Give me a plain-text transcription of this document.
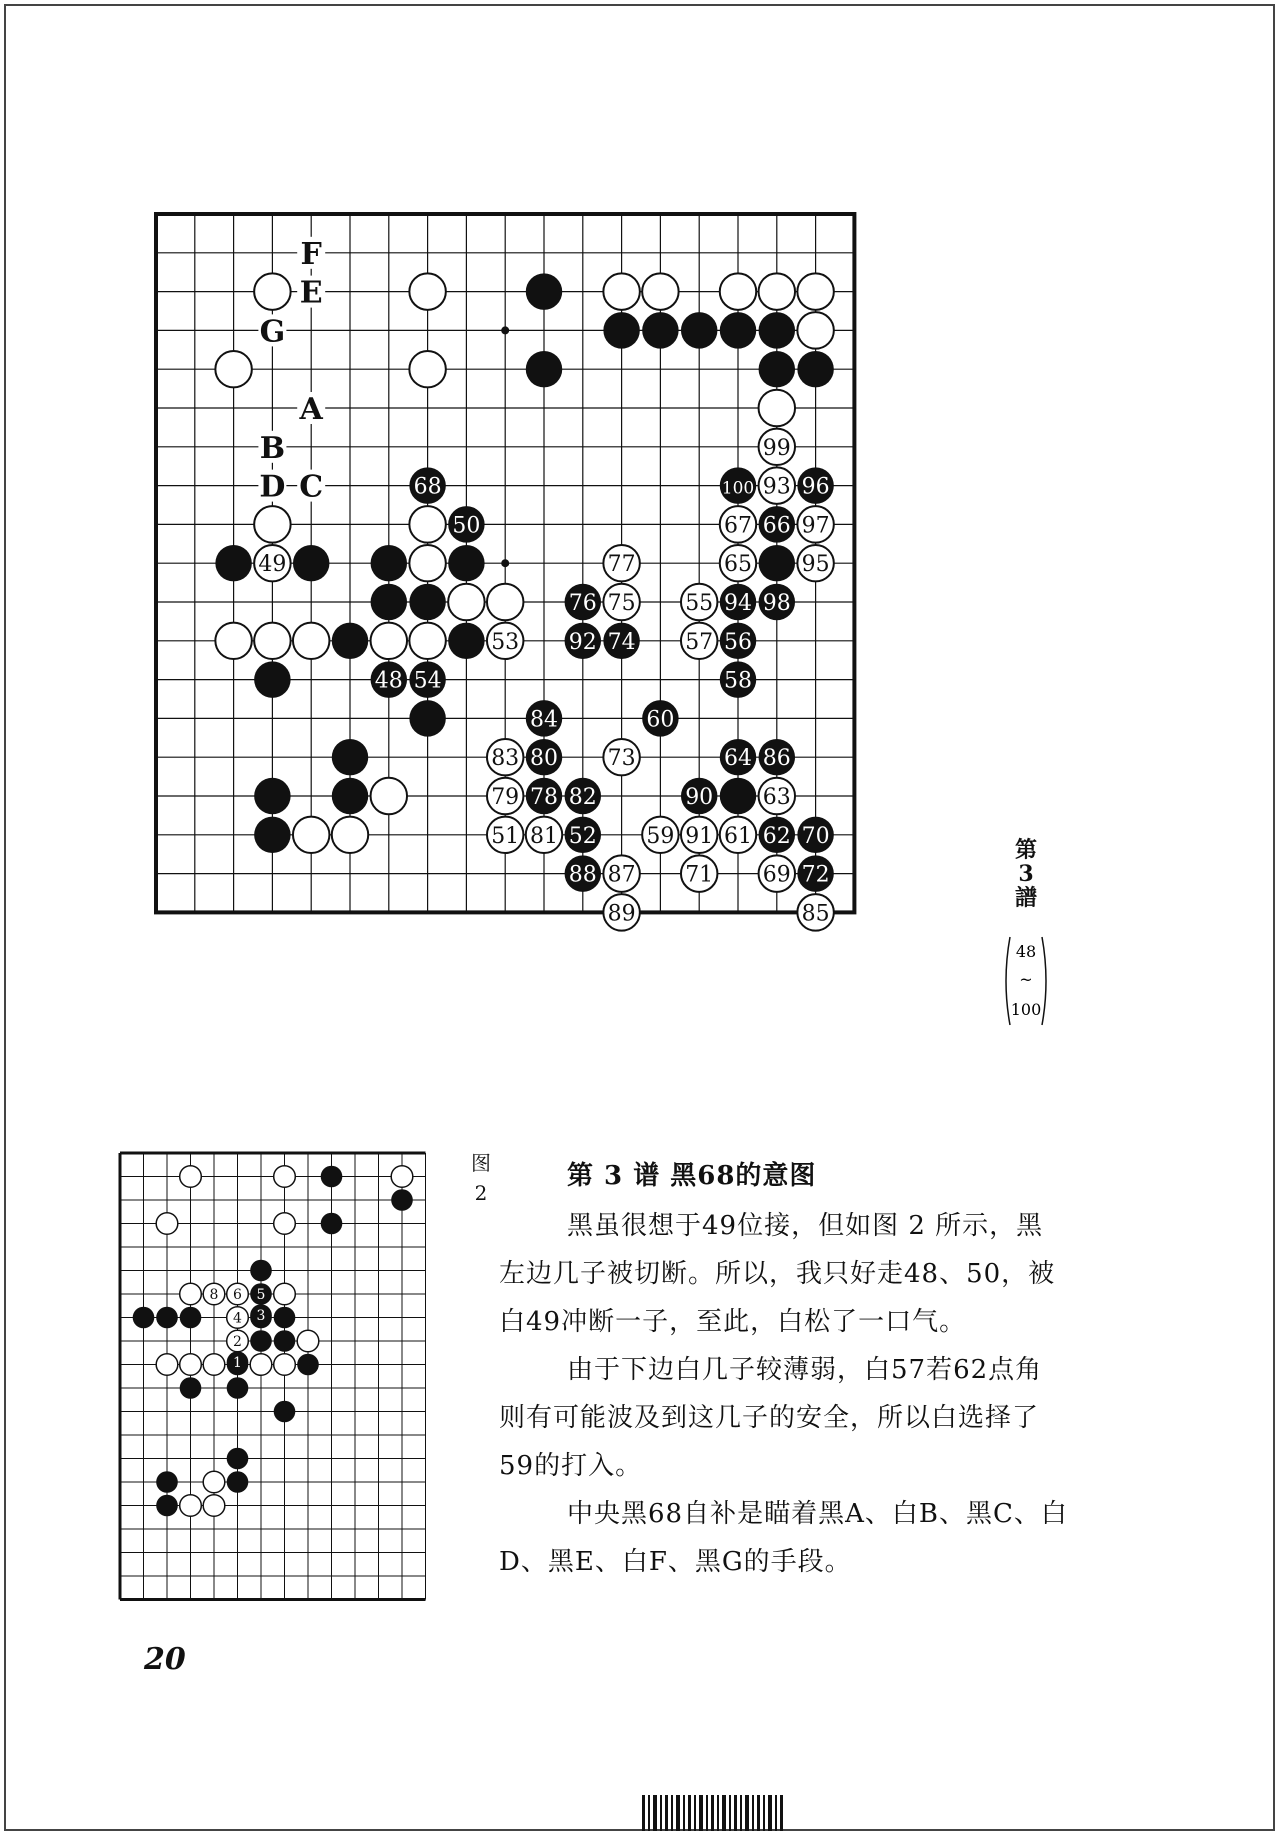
49
53
73
83
79
51 81	59 91 61
87 71 69
89	85
99
93
67 97
65 95
77
75 55
57
63
68
50
48 54
100 96
66
94 98
56
58
76
92 74
84	60
80	64 86
78 82	90
52	62 70
88	72
A
B
C
D
E
F
G
第3譜
48
~
100
8 6 5
4
2
1
3
图
2
第 3 谱 黑68的意图

黑虽很想于49位接，但如图 2 所示，黑左边几子被切断。所以，我只好走48、50，被白49冲断一子，至此，白松了一口气。

由于下边白几子较薄弱，白57若62点角则有可能波及到这几子的安全，所以白选择了59的打入。

中央黑68自补是瞄着黑A、白B、黑C、白D、黑E、白F、黑G的手段。

20
